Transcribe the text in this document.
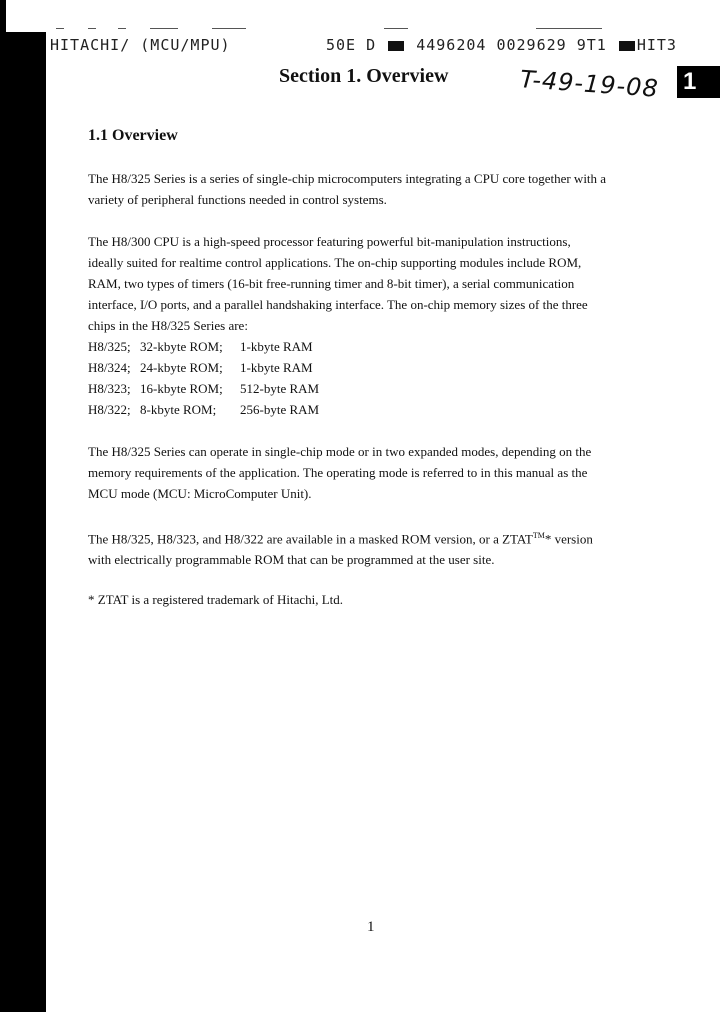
HITACHI/ (MCU/MPU)	50E D	4496204 0029629 9T1 HIT3
Section 1. Overview	T-49-19-08 1
1.1 Overview

The H8/325 Series is a series of single-chip microcomputers integrating a CPU core together with a

variety of peripheral functions needed in control systems.

The H8/300 CPU is a high-speed processor featuring powerful bit-manipulation instructions,

ideally suited for realtime control applications. The on-chip supporting modules include ROM,

RAM, two types of timers (16-bit free-running timer and 8-bit timer), a serial communication

interface, I/O ports, and a parallel handshaking interface. The on-chip memory sizes of the three

chips in the H8/325 Series are:

H8/325; 32-kbyte ROM; 1-kbyte RAM
H8/324; 24-kbyte ROM; 1-kbyte RAM
H8/323; 16-kbyte ROM; 512-byte RAM
H8/322; 8-kbyte ROM; 256-byte RAM

The H8/325 Series can operate in single-chip mode or in two expanded modes, depending on the

memory requirements of the application. The operating mode is referred to in this manual as the

MCU mode (MCU: MicroComputer Unit).

The H8/325, H8/323, and H8/322 are available in a masked ROM version, or a ZTAT™* version

with electrically programmable ROM that can be programmed at the user site.

* ZTAT is a registered trademark of Hitachi, Ltd.

1
